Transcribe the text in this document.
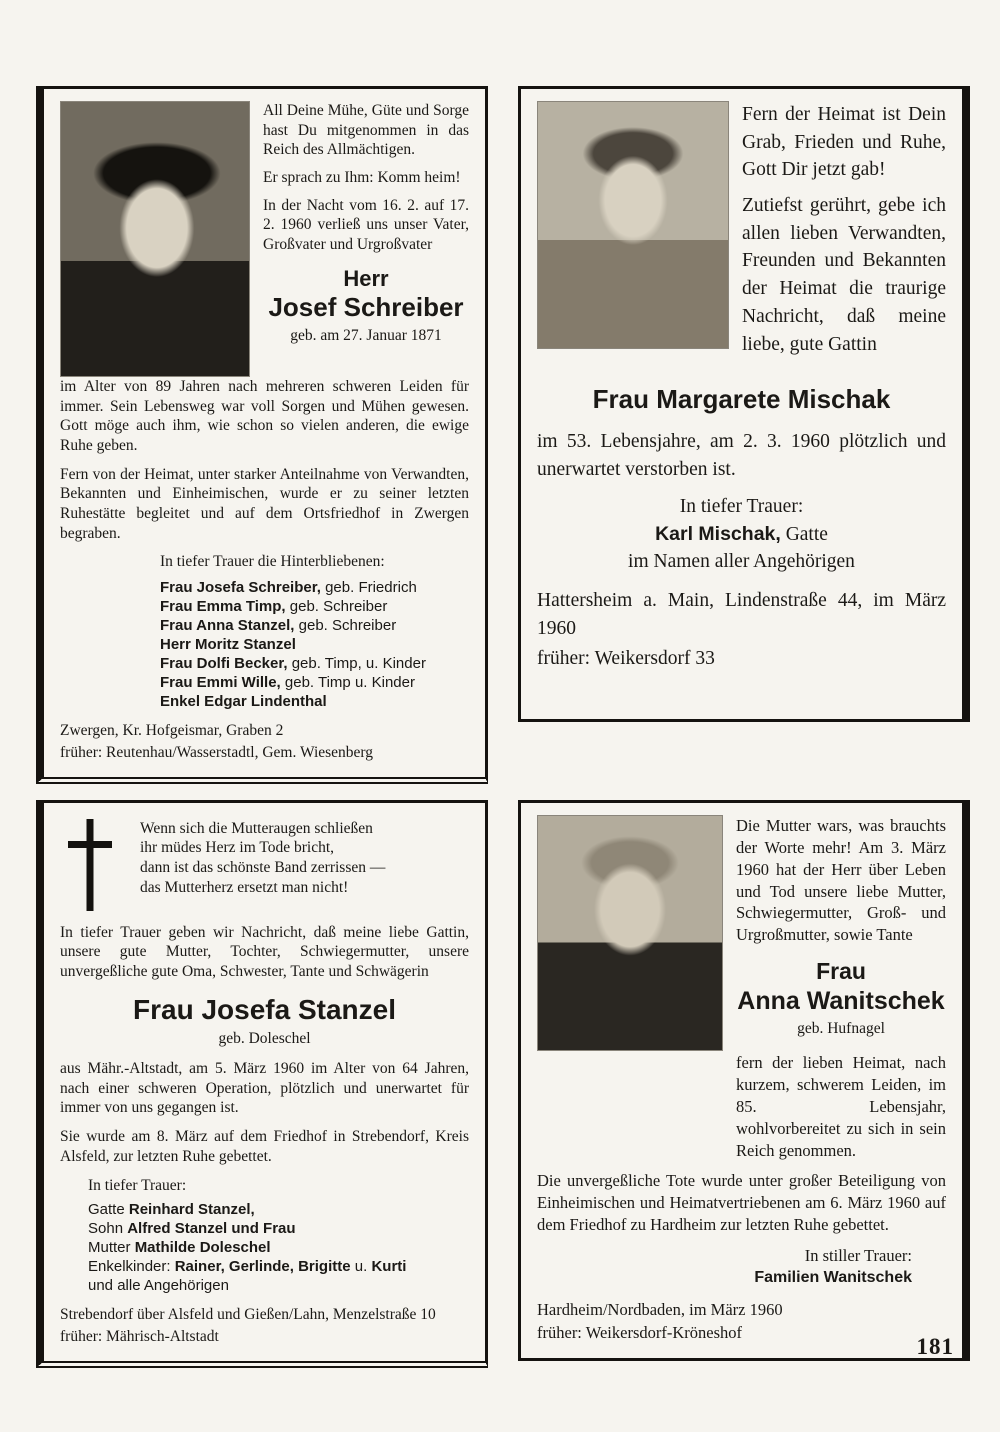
All Deine Mühe, Güte und Sorge hast Du mitgenommen in das Reich des Allmächtigen.

Er sprach zu Ihm: Komm heim!

In der Nacht vom 16. 2. auf 17. 2. 1960 verließ uns unser Vater, Großvater und Urgroßvater

Herr
Josef Schreiber
geb. am 27. Januar 1871

im Alter von 89 Jahren nach mehreren schweren Leiden für immer. Sein Lebensweg war voll Sorgen und Mühen gewesen. Gott möge auch ihm, wie schon so vielen anderen, die ewige Ruhe geben.

Fern von der Heimat, unter starker Anteilnahme von Verwandten, Bekannten und Einheimischen, wurde er zu seiner letzten Ruhestätte begleitet und auf dem Ortsfriedhof in Zwergen begraben.

In tiefer Trauer die Hinterbliebenen:

Frau Josefa Schreiber, geb. Friedrich
Frau Emma Timp, geb. Schreiber
Frau Anna Stanzel, geb. Schreiber
Herr Moritz Stanzel
Frau Dolfi Becker, geb. Timp, u. Kinder
Frau Emmi Wille, geb. Timp u. Kinder
Enkel Edgar Lindenthal

Zwergen, Kr. Hofgeismar, Graben 2

früher: Reutenhau/Wasserstadtl, Gem. Wiesenberg

Fern der Heimat ist Dein Grab, Frieden und Ruhe, Gott Dir jetzt gab!

Zutiefst gerührt, gebe ich allen lieben Verwandten, Freunden und Bekannten der Heimat die traurige Nachricht, daß meine liebe, gute Gattin

Frau Margarete Mischak

im 53. Lebensjahre, am 2. 3. 1960 plötzlich und unerwartet verstorben ist.

In tiefer Trauer:
Karl Mischak, Gatte
im Namen aller Angehörigen

Hattersheim a. Main, Lindenstraße 44, im März 1960

früher: Weikersdorf 33

Wenn sich die Mutteraugen schließen
ihr müdes Herz im Tode bricht,
dann ist das schönste Band zerrissen —
das Mutterherz ersetzt man nicht!

In tiefer Trauer geben wir Nachricht, daß meine liebe Gattin, unsere gute Mutter, Tochter, Schwiegermutter, unsere unvergeßliche gute Oma, Schwester, Tante und Schwägerin

Frau Josefa Stanzel
geb. Doleschel

aus Mähr.-Altstadt, am 5. März 1960 im Alter von 64 Jahren, nach einer schweren Operation, plötzlich und unerwartet für immer von uns gegangen ist.

Sie wurde am 8. März auf dem Friedhof in Strebendorf, Kreis Alsfeld, zur letzten Ruhe gebettet.

In tiefer Trauer:

Gatte Reinhard Stanzel,
Sohn Alfred Stanzel und Frau
Mutter Mathilde Doleschel
Enkelkinder: Rainer, Gerlinde, Brigitte u. Kurti
und alle Angehörigen

Strebendorf über Alsfeld und Gießen/Lahn, Menzelstraße 10

früher: Mährisch-Altstadt

Die Mutter wars, was brauchts der Worte mehr! Am 3. März 1960 hat der Herr über Leben und Tod unsere liebe Mutter, Schwiegermutter, Groß- und Urgroßmutter, sowie Tante

Frau
Anna Wanitschek
geb. Hufnagel

fern der lieben Heimat, nach kurzem, schwerem Leiden, im 85. Lebensjahr, wohlvorbereitet zu sich in sein Reich genommen.

Die unvergeßliche Tote wurde unter großer Beteiligung von Einheimischen und Heimatvertriebenen am 6. März 1960 auf dem Friedhof zu Hardheim zur letzten Ruhe gebettet.

In stiller Trauer:
Familien Wanitschek

Hardheim/Nordbaden, im März 1960

früher: Weikersdorf-Kröneshof

181
